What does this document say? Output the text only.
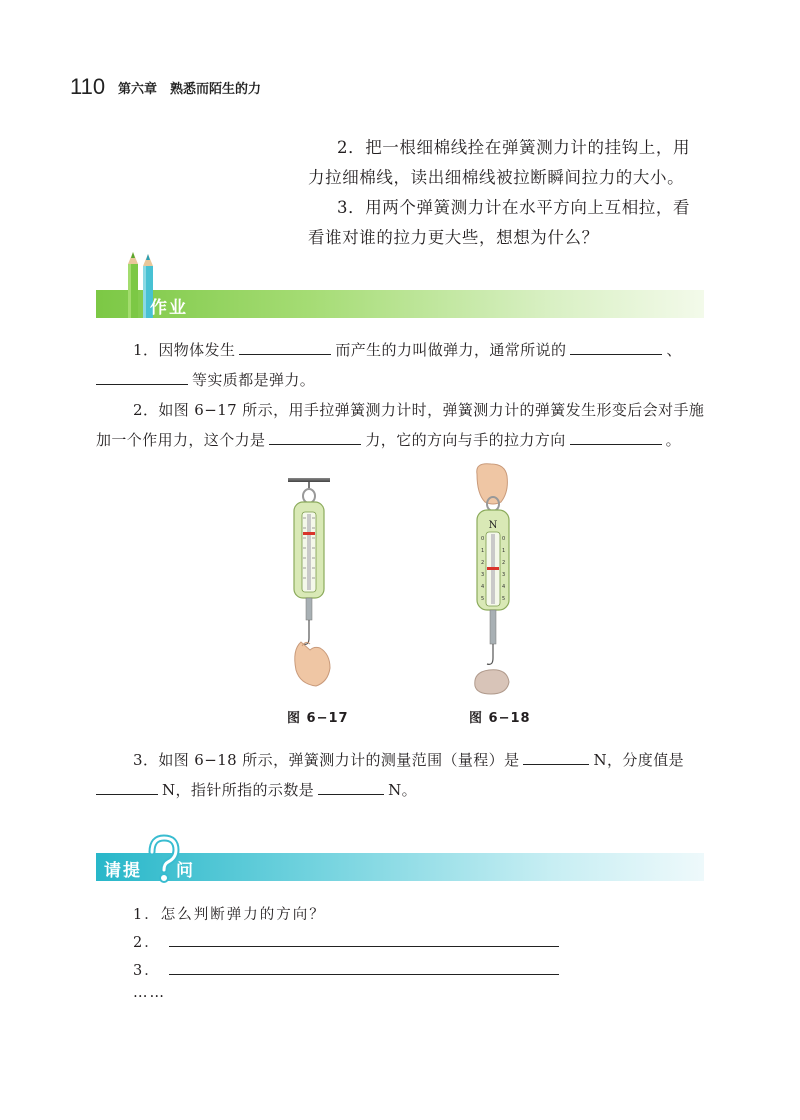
110 第六章　熟悉而陌生的力
2．把一根细棉线拴在弹簧测力计的挂钩上，用
力拉细棉线，读出细棉线被拉断瞬间拉力的大小。
3．用两个弹簧测力计在水平方向上互相拉，看
看谁对谁的拉力更大些，想想为什么？
作业
1．因物体发生	而产生的力叫做弹力，通常所说的	、
等实质都是弹力。
2．如图 6−17 所示，用手拉弹簧测力计时，弹簧测力计的弹簧发生形变后会对手施
加一个作用力，这个力是	力，它的方向与手的拉力方向	。
N
0
1
2
3
4
5
0
1
2
3
4
5
图 6−17	图 6−18
3．如图 6−18 所示，弹簧测力计的测量范围（量程）是	N，分度值是
N，指针所指的示数是	N。
请提 问
1．怎么判断弹力的方向？
2．
3．
……
